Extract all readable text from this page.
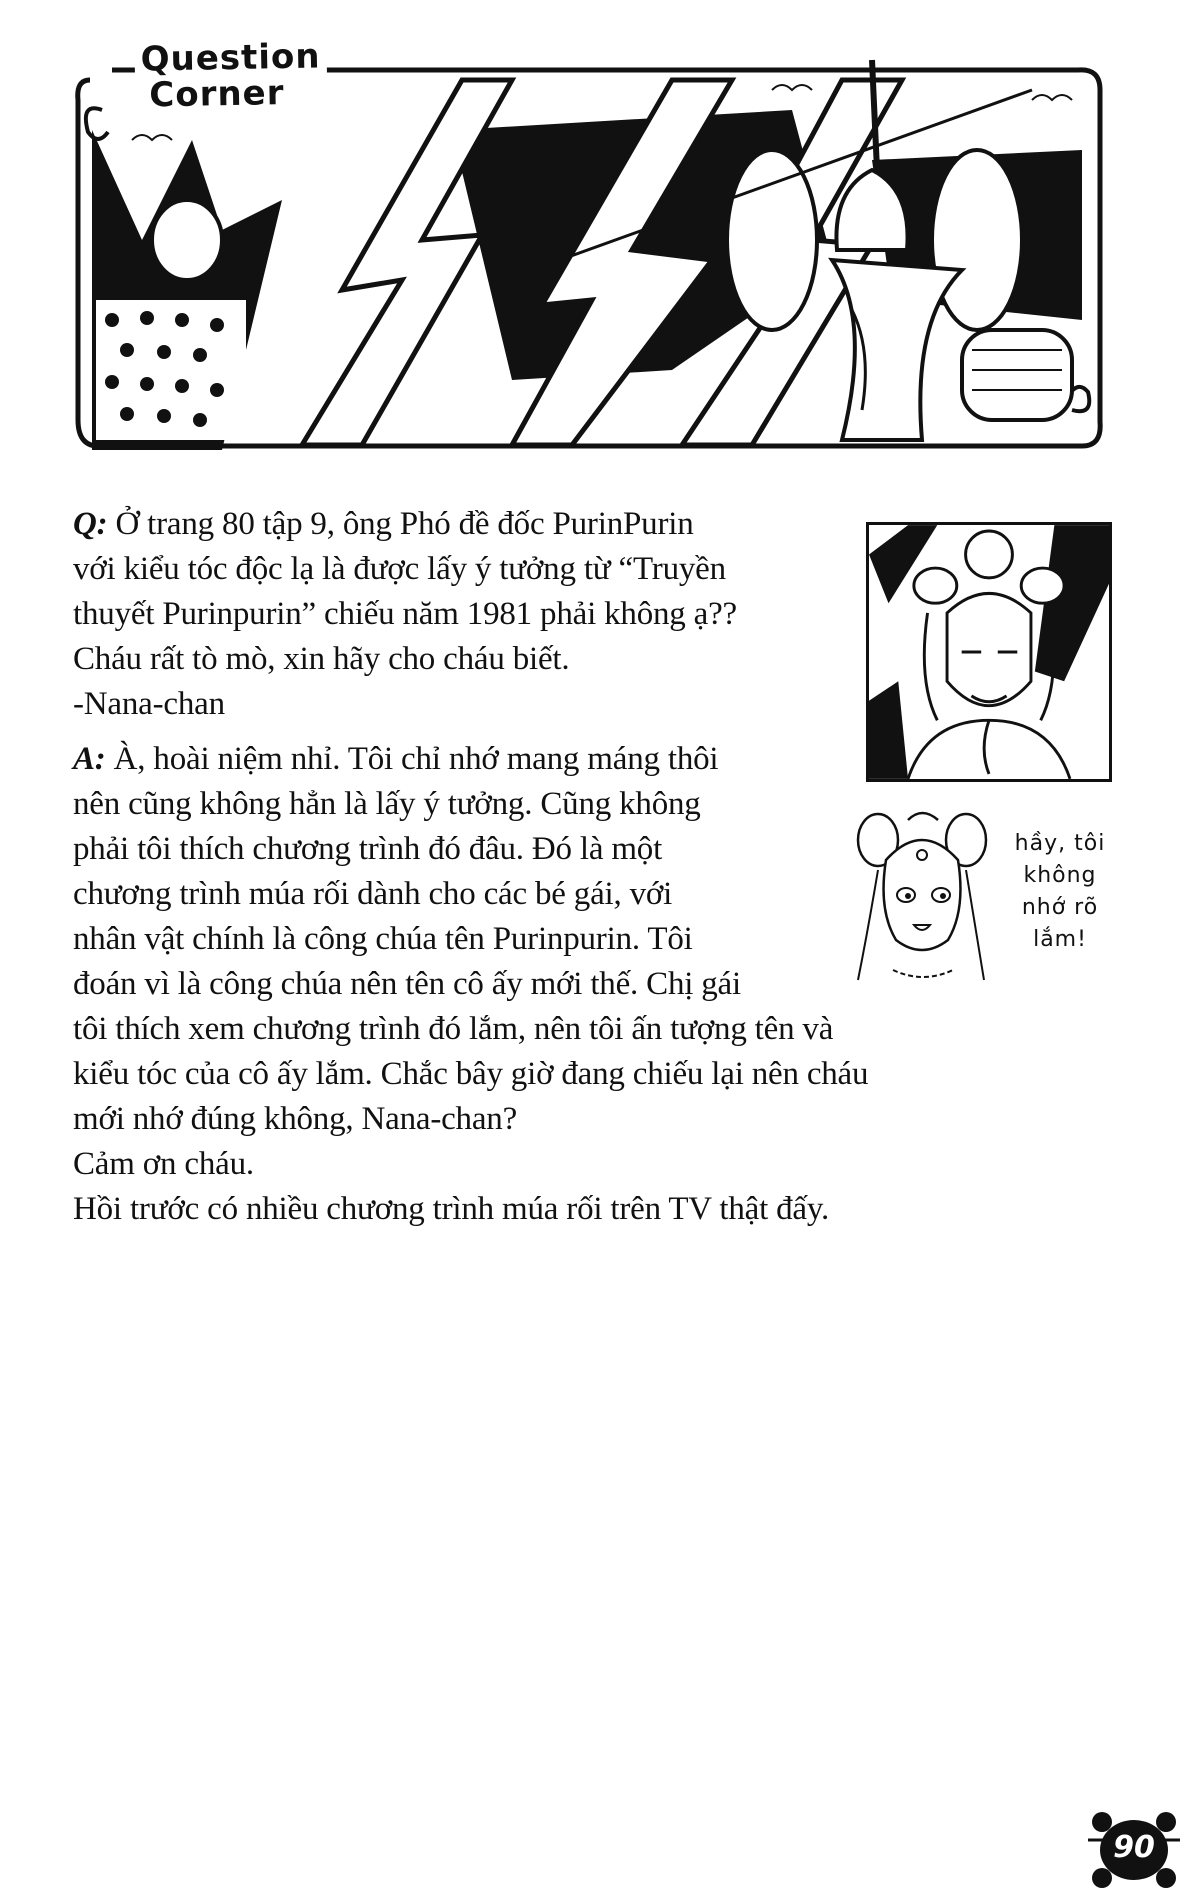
Question
Corner

Q: Ở trang 80 tập 9, ông Phó đề đốc PurinPurin

với kiểu tóc độc lạ là được lấy ý tưởng từ “Truyền

thuyết Purinpurin” chiếu năm 1981 phải không ạ??

Cháu rất tò mò, xin hãy cho cháu biết.

-Nana-chan

A: À, hoài niệm nhỉ. Tôi chỉ nhớ mang máng thôi

nên cũng không hẳn là lấy ý tưởng. Cũng không

phải tôi thích chương trình đó đâu. Đó là một

chương trình múa rối dành cho các bé gái, với

nhân vật chính là công chúa tên Purinpurin. Tôi

đoán vì là công chúa nên tên cô ấy mới thế. Chị gái

tôi thích xem chương trình đó lắm, nên tôi ấn tượng tên và

kiểu tóc của cô ấy lắm. Chắc bây giờ đang chiếu lại nên cháu

mới nhớ đúng không, Nana-chan?

Cảm ơn cháu.

Hồi trước có nhiều chương trình múa rối trên TV thật đấy.

hầy, tôi
không
nhớ rõ
lắm!
90
